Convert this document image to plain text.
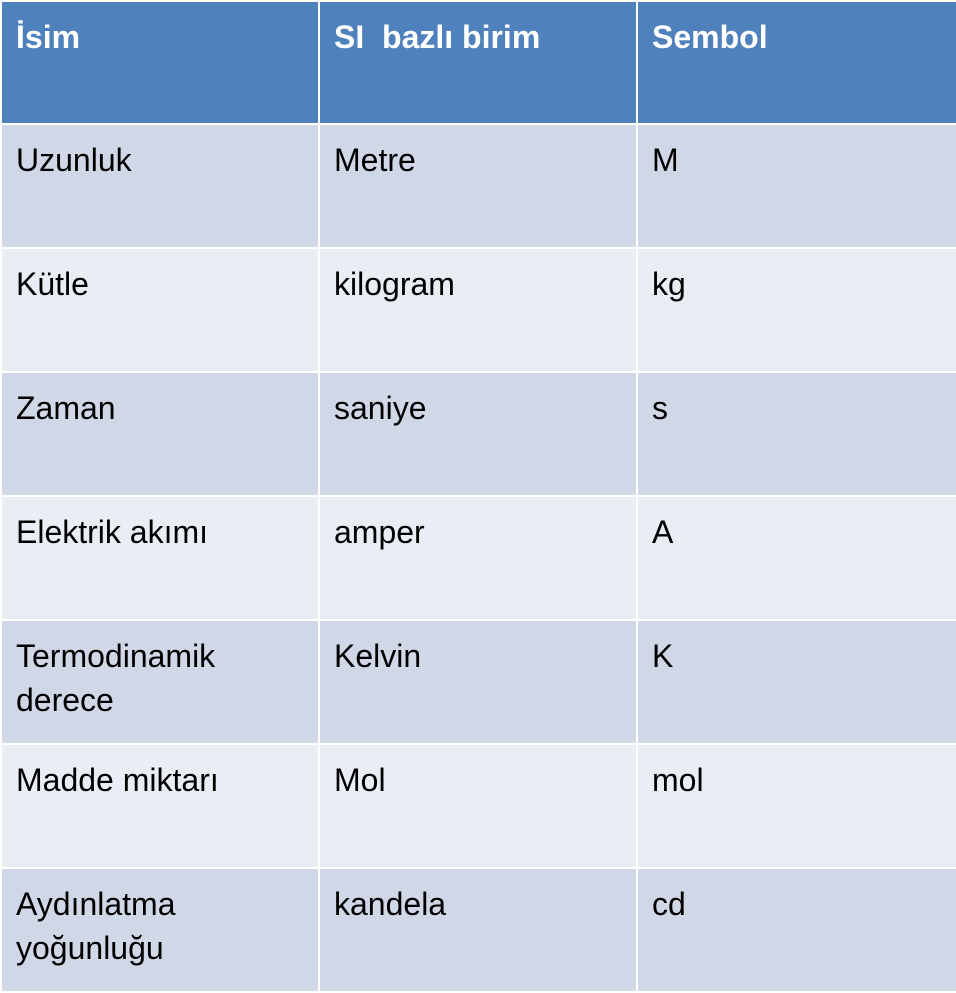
İsim	SI  bazlı birim	Sembol
Uzunluk	Metre	M
Kütle	kilogram	kg
Zaman	saniye	s
Elektrik akımı	amper	A
Termodinamik derece	Kelvin	K
Madde miktarı	Mol	mol
Aydınlatma yoğunluğu	kandela	cd
